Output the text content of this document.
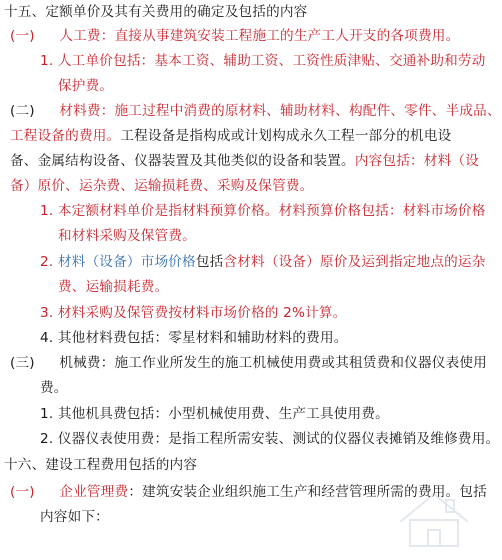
十五、定额单价及其有关费用的确定及包括的内容
(一) 人工费：直接从事建筑安装工程施工的生产工人开支的各项费用。
1. 人工单价包括：基本工资、辅助工资、工资性质津贴、交通补助和劳动
保护费。
(二) 材料费：施工过程中消费的原材料、辅助材料、构配件、零件、半成品、
工程设备的费用。工程设备是指构成或计划构成永久工程一部分的机电设
备、金属结构设备、仪器装置及其他类似的设备和装置。内容包括：材料（设
备）原价、运杂费、运输损耗费、采购及保管费。
1. 本定额材料单价是指材料预算价格。材料预算价格包括：材料市场价格
和材料采购及保管费。
2. 材料（设备）市场价格包括含材料（设备）原价及运到指定地点的运杂
费、运输损耗费。
3. 材料采购及保管费按材料市场价格的 2%计算。
4. 其他材料费包括：零星材料和辅助材料的费用。
(三) 机械费：施工作业所发生的施工机械使用费或其租赁费和仪器仪表使用
费。
1. 其他机具费包括：小型机械使用费、生产工具使用费。
2. 仪器仪表使用费：是指工程所需安装、测试的仪器仪表摊销及维修费用。
十六、建设工程费用包括的内容
(一) 企业管理费：建筑安装企业组织施工生产和经营管理所需的费用。包括
内容如下：
